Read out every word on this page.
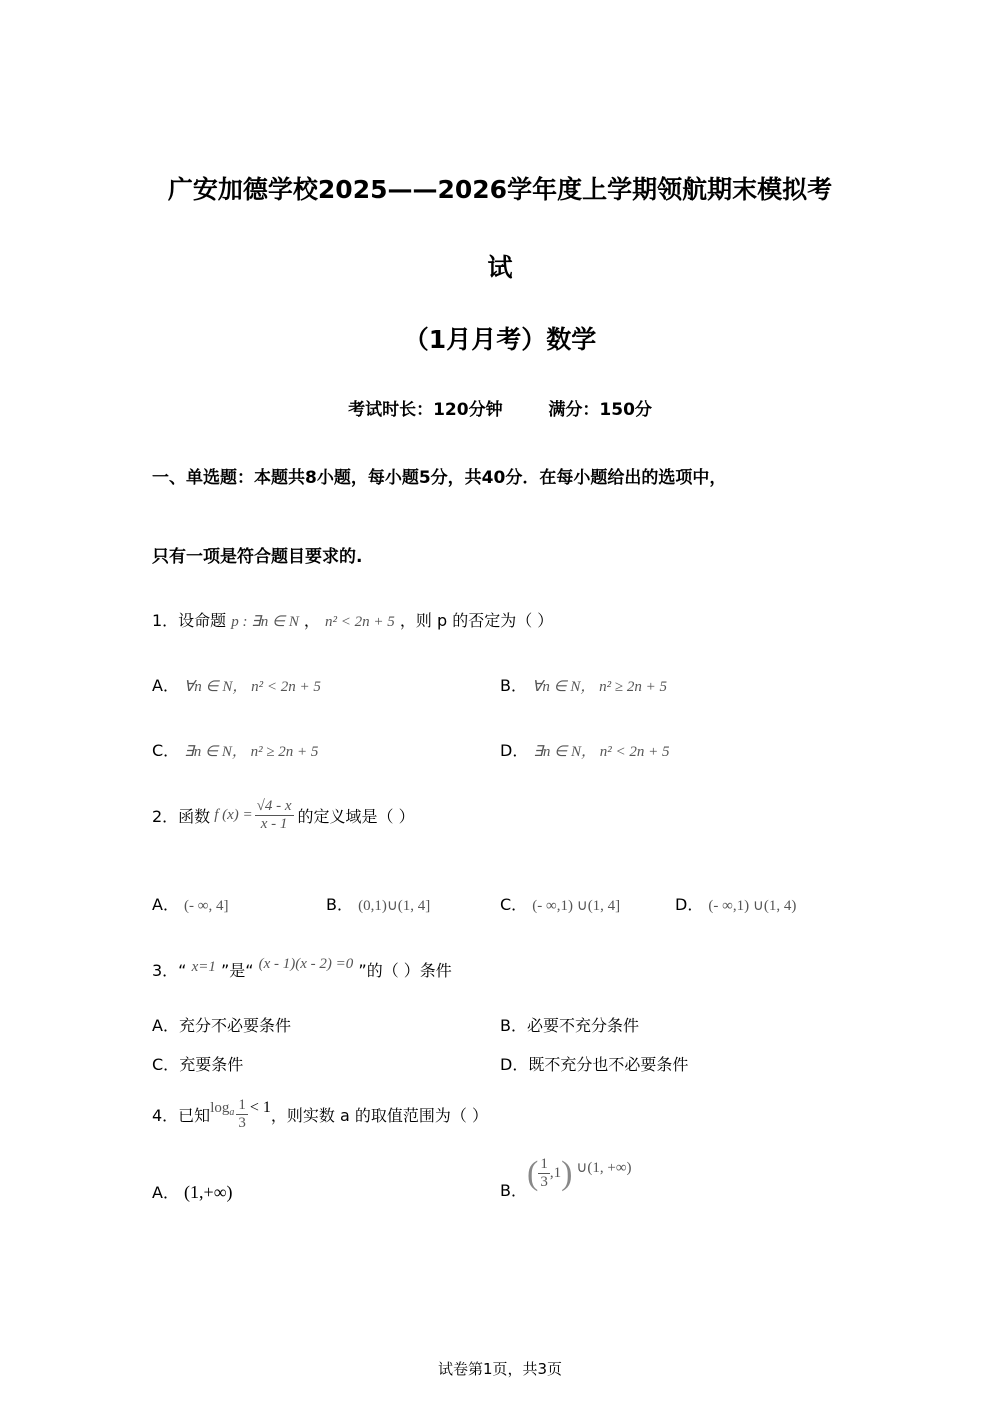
广安加德学校2025——2026学年度上学期领航期末模拟考
试
（1月月考）数学
考试时长：120分钟	满分：150分
一、单选题：本题共8小题，每小题5分，共40分．在每小题给出的选项中，
只有一项是符合题目要求的.
1．设命题 p : ∃n ∈ N ， n² < 2n + 5 ，则 p 的否定为（ ）
A． ∀n ∈ N， n² < 2n + 5	B． ∀n ∈ N， n² ≥ 2n + 5
C． ∃n ∈ N， n² ≥ 2n + 5	D． ∃n ∈ N， n² < 2n + 5
2．函数 f $(x) = \frac{√4 - x}{x - 1}$ 的定义域是（ ）
A． (- ∞, 4]	B． (0,1)∪(1, 4]	C． (- ∞,1) ∪(1, 4]	D． (- ∞,1) ∪(1, 4)
3．“ x=1 ”是“ (x - 1)(x - 2) =0 ”的（ ）条件
A．充分不必要条件	B．必要不充分条件
C．充要条件	D．既不充分也不必要条件
4．已知 log a $\frac{1}{3} < 1$ ，则实数 a 的取值范围为（ ）
A． (1,+∞)	B． ( $\frac{1}{3} ,1$ ) ∪(1, +∞)
试卷第1页，共3页
